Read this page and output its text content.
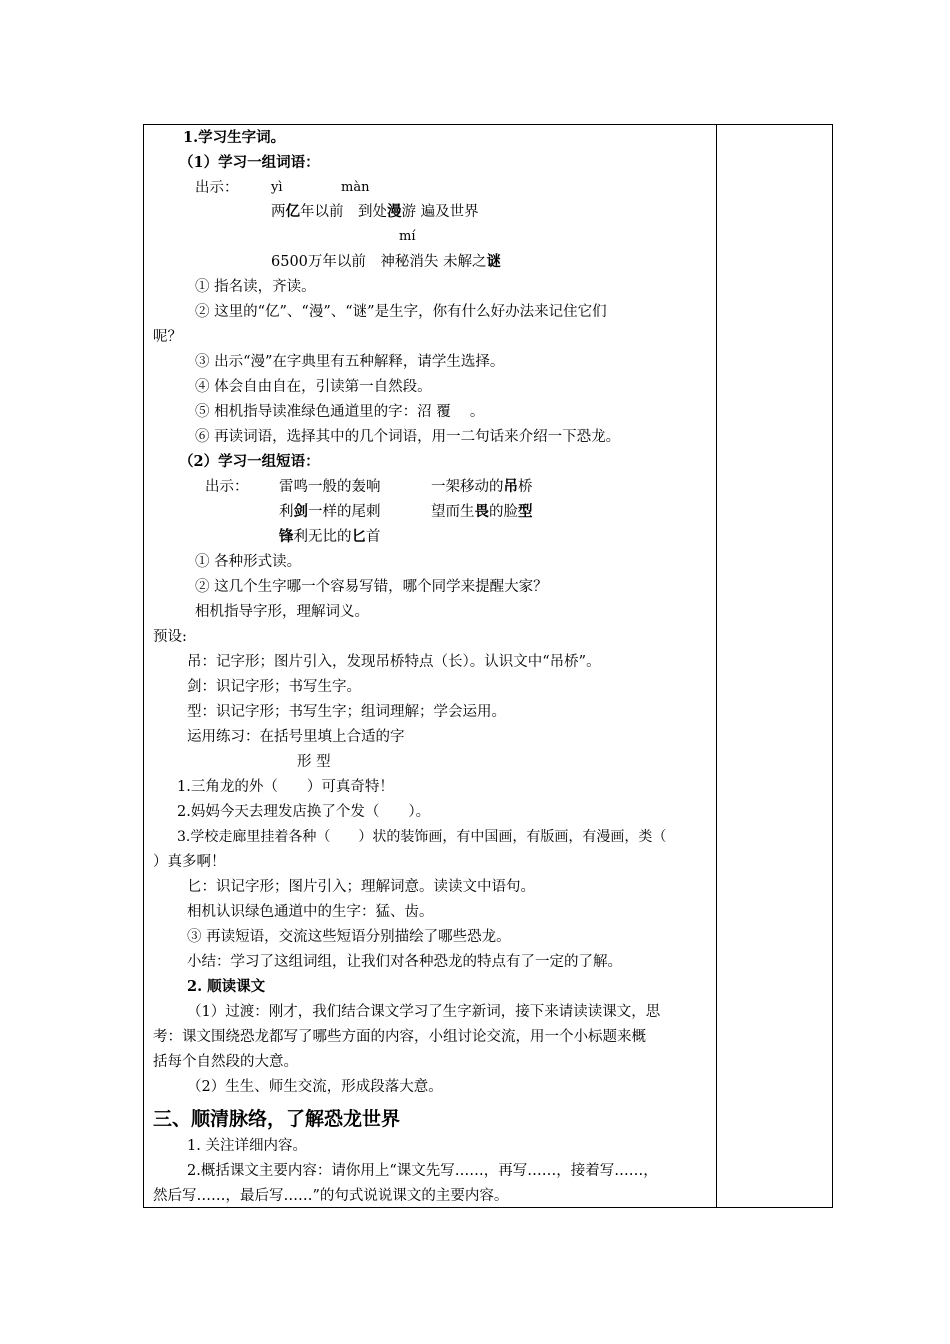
1.学习生字词。
（1）学习一组词语：
出示：	yì	màn
两亿年以前　到处漫游 遍及世界
mí
6500万年以前　神秘消失 未解之谜
① 指名读，齐读。
② 这里的“亿”、“漫”、“谜”是生字，你有什么好办法来记住它们
呢？
③ 出示“漫”在字典里有五种解释，请学生选择。
④ 体会自由自在，引读第一自然段。
⑤ 相机指导读准绿色通道里的字：沼 覆 　。
⑥ 再读词语，选择其中的几个词语，用一二句话来介绍一下恐龙。
（2）学习一组短语：
出示： 雷鸣一般的轰响	一架移动的吊桥
利剑一样的尾刺	望而生畏的脸型
锋利无比的匕首
① 各种形式读。
② 这几个生字哪一个容易写错，哪个同学来提醒大家？
相机指导字形，理解词义。
预设:
吊：记字形；图片引入，发现吊桥特点（长）。认识文中“吊桥”。
剑：识记字形；书写生字。
型：识记字形；书写生字；组词理解；学会运用。
运用练习：在括号里填上合适的字
形 型
1.三角龙的外（　　）可真奇特！
2.妈妈今天去理发店换了个发（　　）。
3.学校走廊里挂着各种（　　）状的装饰画，有中国画，有版画，有漫画，类（
）真多啊！
匕：识记字形；图片引入；理解词意。读读文中语句。
相机认识绿色通道中的生字：猛、齿。
③ 再读短语，交流这些短语分别描绘了哪些恐龙。
小结：学习了这组词组，让我们对各种恐龙的特点有了一定的了解。
2. 顺读课文
（1）过渡：刚才，我们结合课文学习了生字新词，接下来请读读课文，思
考：课文围绕恐龙都写了哪些方面的内容，小组讨论交流，用一个小标题来概
括每个自然段的大意。
（2）生生、师生交流，形成段落大意。
三、顺清脉络，了解恐龙世界
1. 关注详细内容。
2.概括课文主要内容：请你用上“课文先写……，再写……，接着写……，
然后写……，最后写……”的句式说说课文的主要内容。
